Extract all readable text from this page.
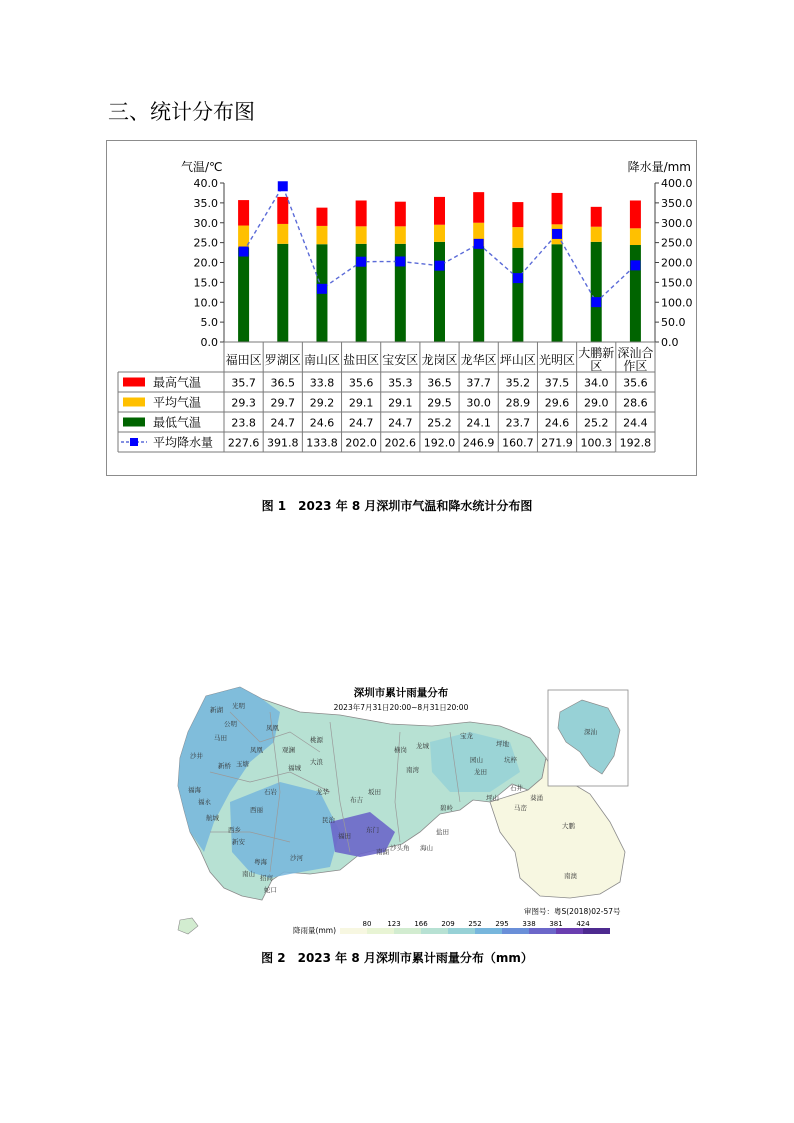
三、统计分布图
气温/℃	降水量/mm
0.0
5.0
10.0
15.0
20.0
25.0
30.0
35.0
40.0
0.0
50.0
100.0
150.0
200.0
250.0
300.0
350.0
400.0
福田区 罗湖区 南山区 盐田区 宝安区 龙岗区 龙华区 坪山区 光明区 大鹏新
区
深汕合
作区
最高气温	35.7 36.5 33.8 35.6 35.3 36.5 37.7 35.2 37.5 34.0 35.6
平均气温	29.3 29.7 29.2 29.1 29.1 29.5 30.0 28.9 29.6 29.0 28.6
最低气温	23.8 24.7 24.6 24.7 24.7 25.2 24.1 23.7 24.6 25.2 24.4
平均降水量 227.6 391.8 133.8 202.0 202.6 192.0 246.9 160.7 271.9 100.3 192.8
图 1　2023 年 8 月深圳市气温和降水统计分布图
深圳市累计雨量分布
2023年7月31日20:00~8月31日20:00
审图号：粤S(2018)02-57号
公明
沙井
新桥
福海
福永
航城
西乡
新安
南山 招商
蛇口
粤海	沙河
石岩
玉塘
凤凰
光明
马田
凤凰
观澜
福城
大浪
龙华
民治
福田
东门
南湖
布吉
坂田
南湾
横岗 龙城
宝龙
园山
坪地
坑梓
龙田
坪山
石井
葵涌
大鹏
南澳
马峦
碧岭
盐田
海山
沙头角
深汕
桃源
西丽
新湖
降雨量(mm)
80 123 166 209 252 295 338 381 424
图 2　2023 年 8 月深圳市累计雨量分布（mm）
